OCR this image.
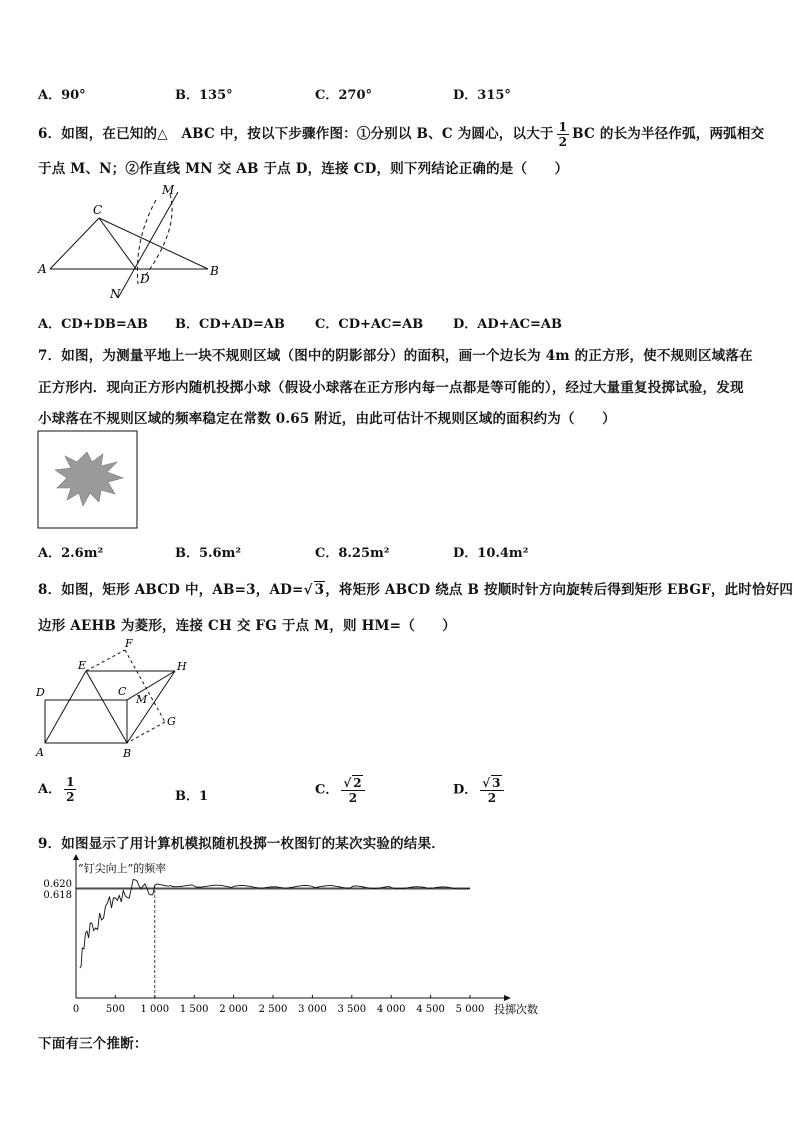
A．90°	B．135°	C．270°	D．315°
6．如图，在已知的△　ABC 中，按以下步骤作图：①分别以 B、C 为圆心，以大于 $\frac{1}{2}$ BC 的长为半径作弧，两弧相交
于点 M、N；②作直线 MN 交 AB 于点 D，连接 CD，则下列结论正确的是（　　）
A	B
C
D
M
N
A．CD+DB=AB B．CD+AD=AB C．CD+AC=AB D．AD+AC=AB
7．如图，为测量平地上一块不规则区域（图中的阴影部分）的面积，画一个边长为 4m 的正方形，使不规则区域落在
正方形内．现向正方形内随机投掷小球（假设小球落在正方形内每一点都是等可能的），经过大量重复投掷试验，发现
小球落在不规则区域的频率稳定在常数 0.65 附近，由此可估计不规则区域的面积约为（　　）
A．2.6m²	B．5.6m²	C．8.25m²	D．10.4m²
8．如图，矩形 ABCD 中，AB=3，AD=√ 3，将矩形 ABCD 绕点 B 按顺时针方向旋转后得到矩形 EBGF，此时恰好四
边形 AEHB 为菱形，连接 CH 交 FG 于点 M，则 HM=（　　）
D
A	B
C
E
F
H
G
M
A． $\frac{1}{2}$	B．1	C． $\frac{√ 2}{2}$	D． $\frac{√ 3}{2}$
9．如图显示了用计算机模拟随机投掷一枚图钉的某次实验的结果．
“钉尖向上”的频率
投掷次数
0	500 1 000 1 500 2 000 2 500 3 000 3 500 4 000 4 500 5 000
0.618
0.620
下面有三个推断：
